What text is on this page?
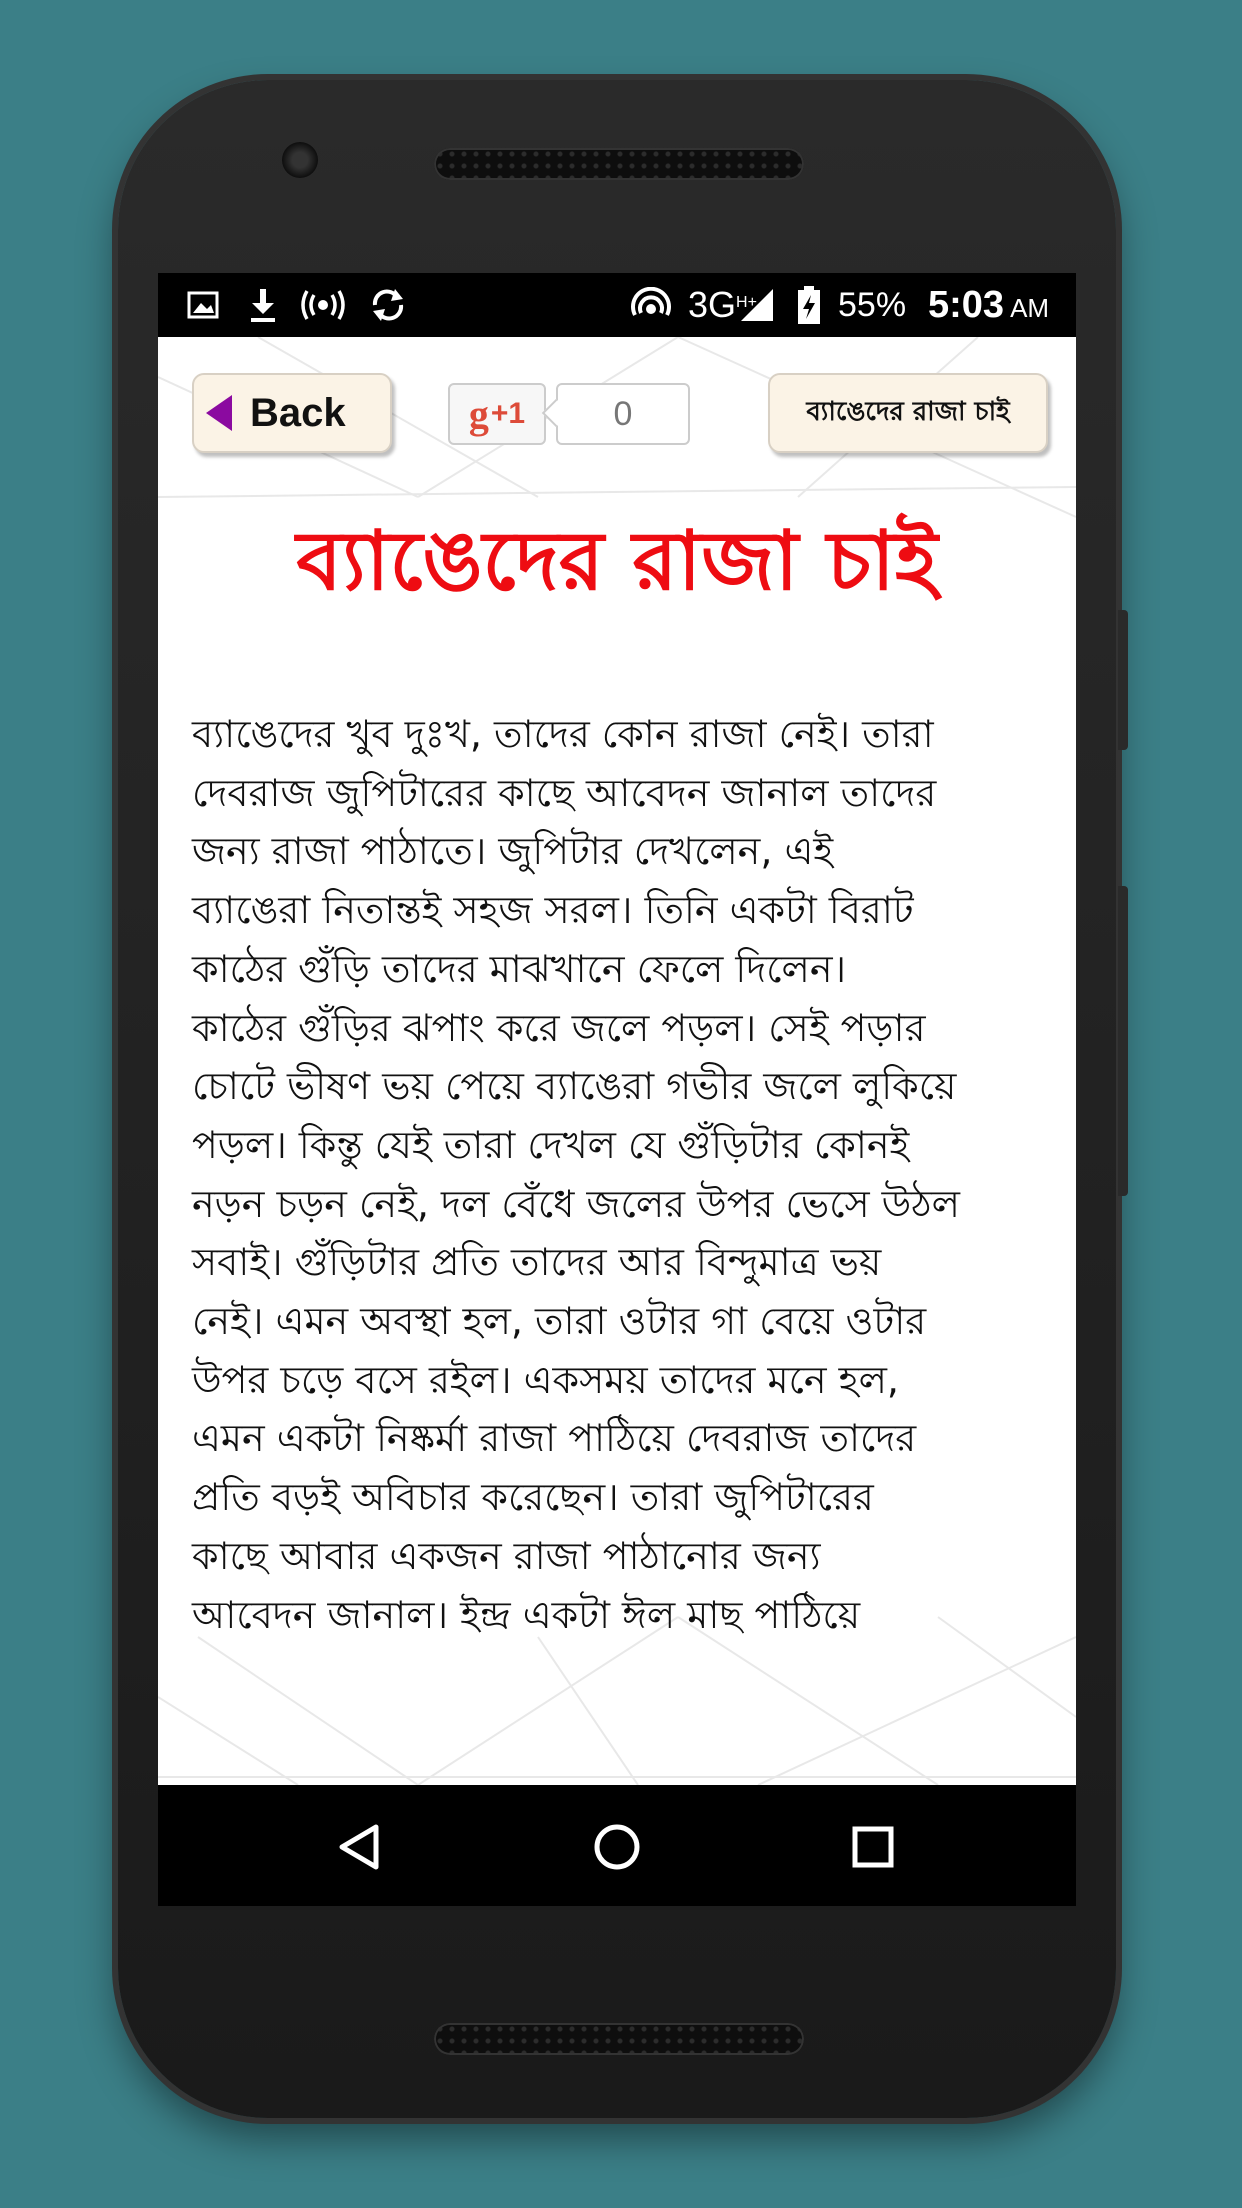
$3G^{H+}$ 55% 5:03 AM
Back	g +1	0	ব্যাঙেদের রাজা চাই
ব্যাঙেদের রাজা চাই
ব্যাঙেদের খুব দুঃখ, তাদের কোন রাজা নেই। তারা
দেবরাজ জুপিটারের কাছে আবেদন জানাল তাদের
জন্য রাজা পাঠাতে। জুপিটার দেখলেন, এই
ব্যাঙেরা নিতান্তই সহজ সরল। তিনি একটা বিরাট
কাঠের গুঁড়ি তাদের মাঝখানে ফেলে দিলেন।
কাঠের গুঁড়ির ঝপাং করে জলে পড়ল। সেই পড়ার
চোটে ভীষণ ভয় পেয়ে ব্যাঙেরা গভীর জলে লুকিয়ে
পড়ল। কিন্তু যেই তারা দেখল যে গুঁড়িটার কোনই
নড়ন চড়ন নেই, দল বেঁধে জলের উপর ভেসে উঠল
সবাই। গুঁড়িটার প্রতি তাদের আর বিন্দুমাত্র ভয়
নেই। এমন অবস্থা হল, তারা ওটার গা বেয়ে ওটার
উপর চড়ে বসে রইল। একসময় তাদের মনে হল,
এমন একটা নিষ্কর্মা রাজা পাঠিয়ে দেবরাজ তাদের
প্রতি বড়ই অবিচার করেছেন। তারা জুপিটারের
কাছে আবার একজন রাজা পাঠানোর জন্য
আবেদন জানাল। ইন্দ্র একটা ঈল মাছ পাঠিয়ে
